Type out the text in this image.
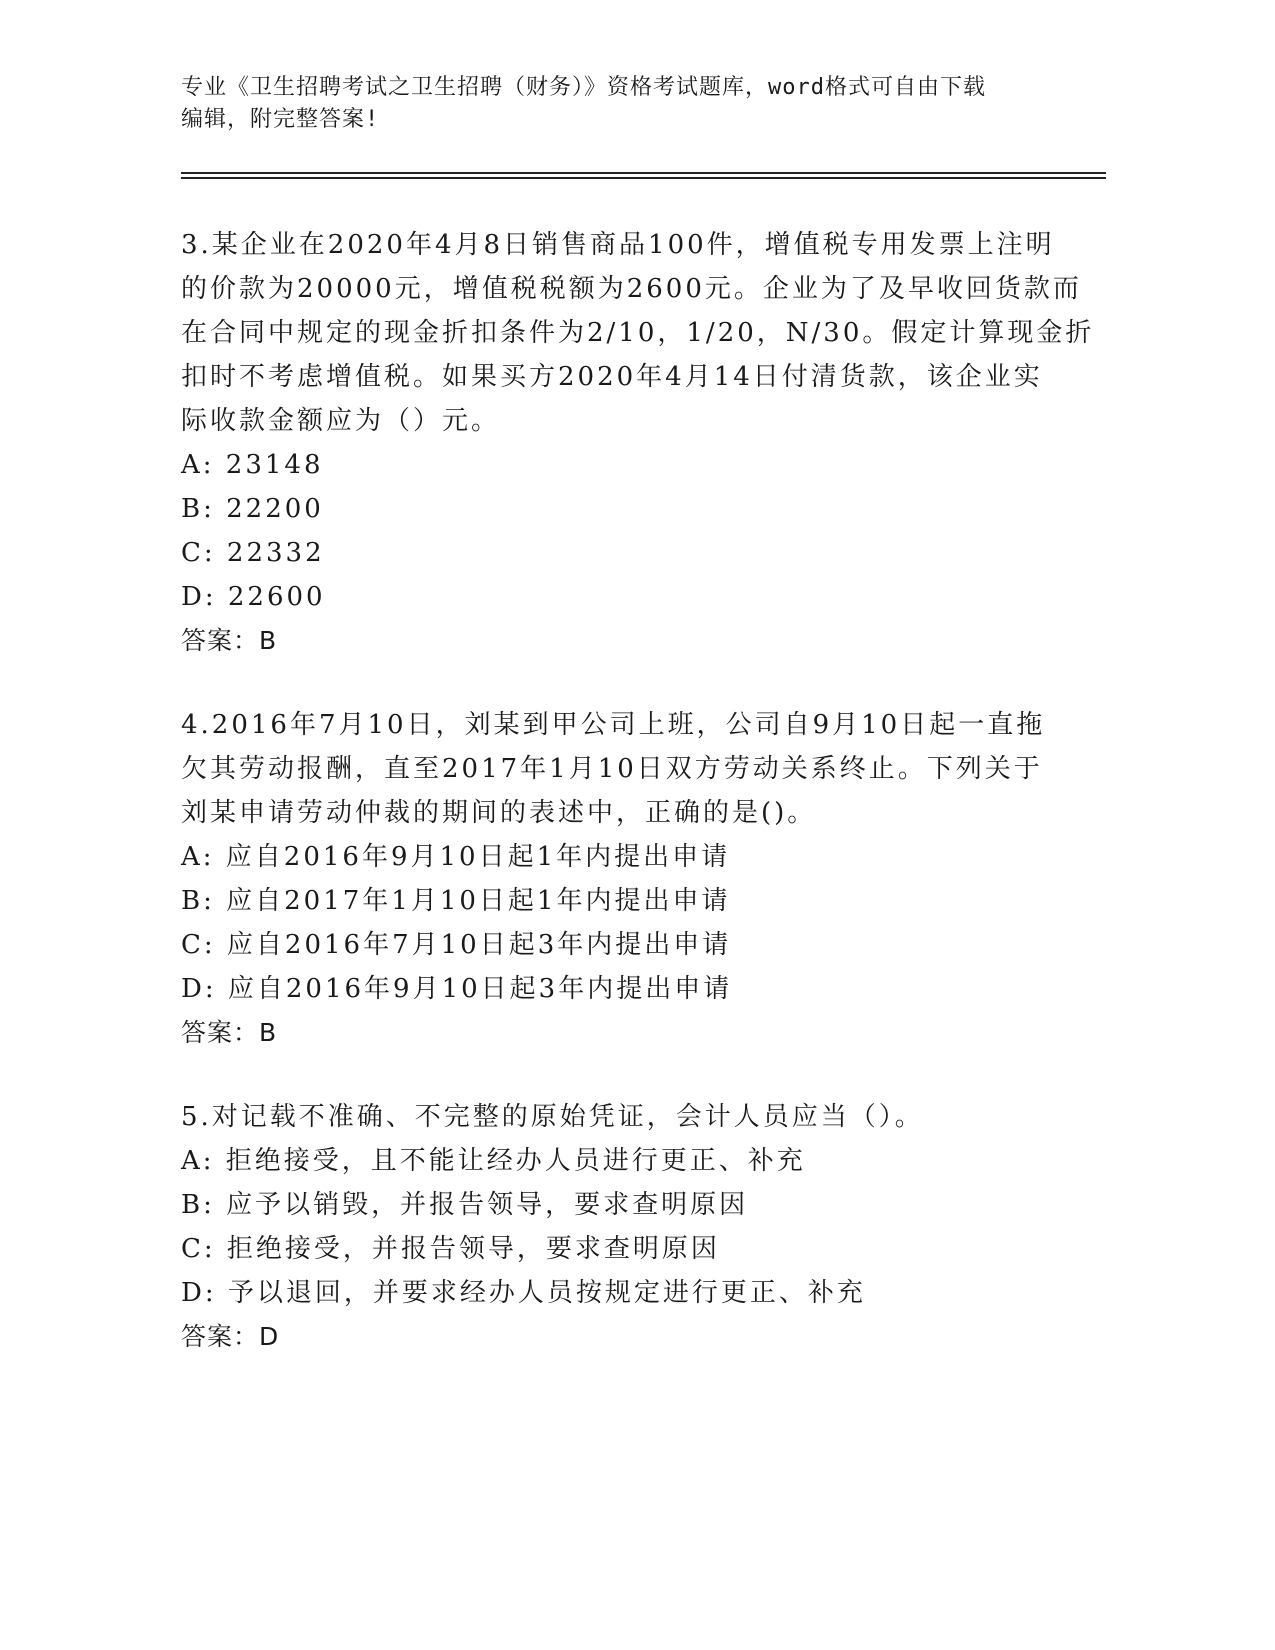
专业《卫生招聘考试之卫生招聘（财务）》资格考试题库，word格式可自由下载
编辑，附完整答案!

3.某企业在2020年4月8日销售商品100件，增值税专用发票上注明
的价款为20000元，增值税税额为2600元。企业为了及早收回货款而
在合同中规定的现金折扣条件为2/10，1/20，N/30。假定计算现金折
扣时不考虑增值税。如果买方2020年4月14日付清货款，该企业实
际收款金额应为（）元。

A: 23148
B: 22200
C: 22332
D: 22600
答案：B

4.2016年7月10日，刘某到甲公司上班，公司自9月10日起一直拖
欠其劳动报酬，直至2017年1月10日双方劳动关系终止。下列关于
刘某申请劳动仲裁的期间的表述中，正确的是()。

A: 应自2016年9月10日起1年内提出申请
B: 应自2017年1月10日起1年内提出申请
C: 应自2016年7月10日起3年内提出申请
D: 应自2016年9月10日起3年内提出申请
答案：B

5.对记载不准确、不完整的原始凭证，会计人员应当（）。

A: 拒绝接受，且不能让经办人员进行更正、补充
B: 应予以销毁，并报告领导，要求查明原因
C: 拒绝接受，并报告领导，要求查明原因
D: 予以退回，并要求经办人员按规定进行更正、补充
答案：D
